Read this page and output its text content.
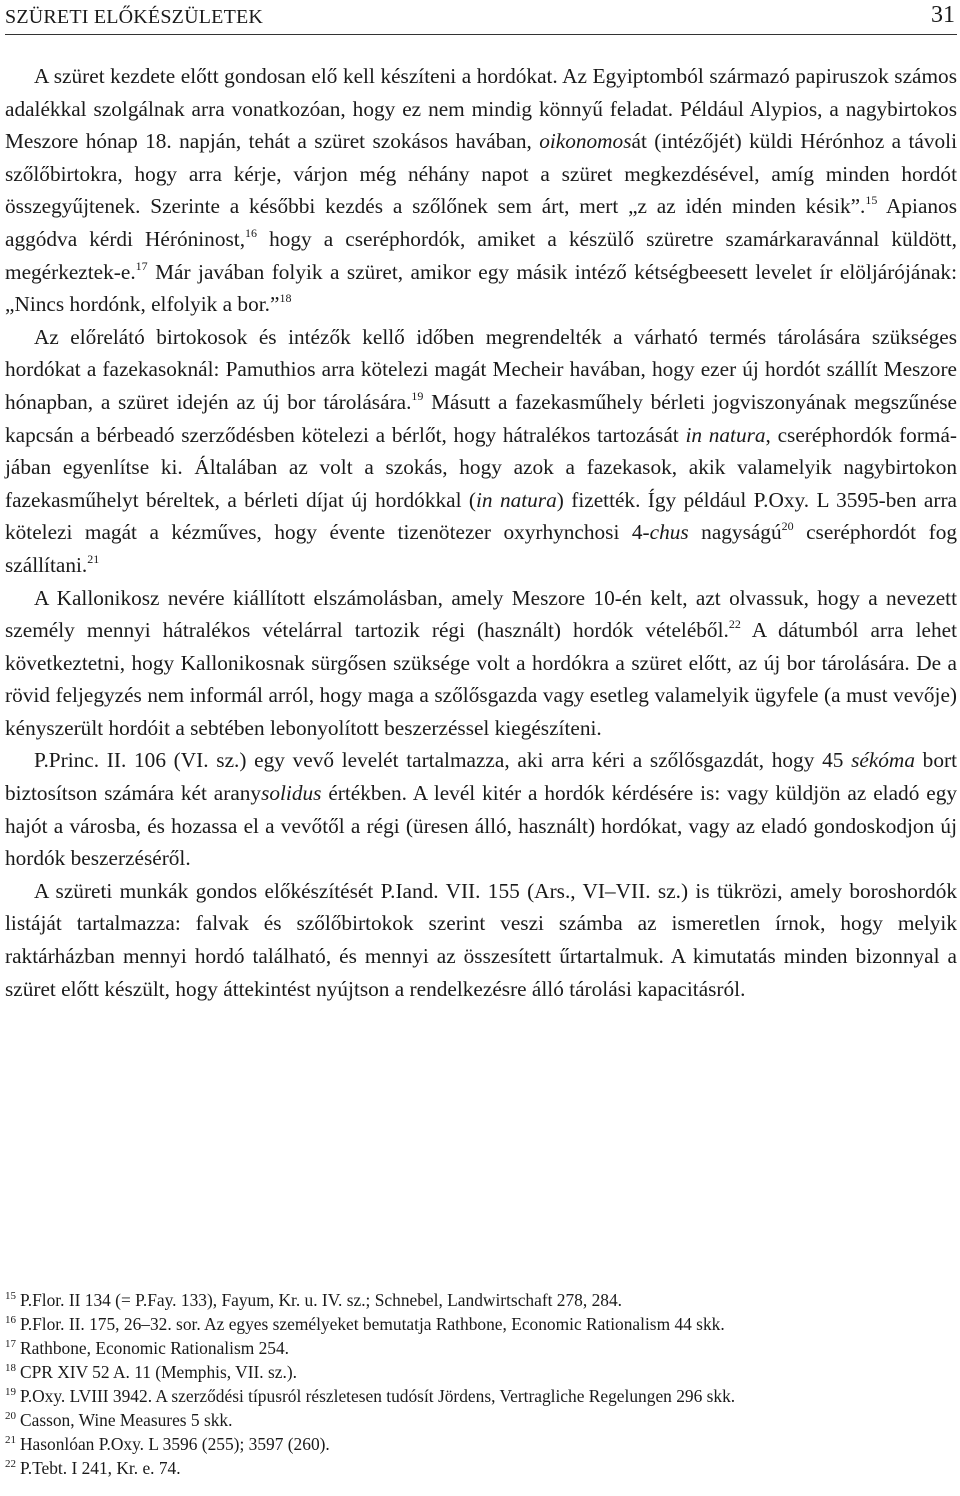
SZÜRETI ELŐKÉSZÜLETEK	31

A szüret kezdete előtt gondosan elő kell készíteni a hordókat. Az Egyiptomból származó papiruszok számos adalékkal szolgálnak arra vonatkozóan, hogy ez nem mindig könnyű feladat. Például Alypios, a nagybirtokos Meszore hónap 18. napján, tehát a szüret szokásos havában, oikonomosát (intézőjét) küldi Hérónhoz a távoli szőlőbirtokra, hogy arra kérje, várjon még néhány napot a szüret megkezdésével, amíg minden hordót összegyűjtenek. Szerinte a későbbi kezdés a szőlőnek sem árt, mert „z az idén minden késik”.$^{15}$ Apianos aggódva kérdi Héróninost,$^{16}$ hogy a cseréphordók, amiket a készülő szüretre szamárkaravánnal küldött, megérkeztek-e.$^{17}$ Már javában folyik a szüret, amikor egy másik intéző kétségbeesett levelet ír elöljárójának: „Nincs hordónk, elfolyik a bor.”$^{18}$

Az előrelátó birtokosok és intézők kellő időben megrendelték a várható termés tárolására szükséges hordókat a fazekasoknál: Pamuthios arra kötelezi magát Mecheir havában, hogy ezer új hordót szállít Meszore hónapban, a szüret idején az új bor tárolására.$^{19}$ Másutt a fazekasműhely bérleti jogviszonyának megszűnése kapcsán a bérbeadó szerződésben kötelezi a bérlőt, hogy hátralékos tartozását in natura, cseréphordók formájában egyenlítse ki. Általában az volt a szokás, hogy azok a fazekasok, akik valamelyik nagybirtokon fazekasműhelyt béreltek, a bérleti díjat új hordókkal (in natura) fizették. Így például P.Oxy. L 3595-ben arra kötelezi magát a kézműves, hogy évente tizenötezer oxyrhynchosi 4-chus nagyságú$^{20}$ cseréphordót fog szállítani.$^{21}$

A Kallonikosz nevére kiállított elszámolásban, amely Meszore 10-én kelt, azt olvassuk, hogy a nevezett személy mennyi hátralékos vételárral tartozik régi (használt) hordók vételéből.$^{22}$ A dátumból arra lehet következtetni, hogy Kallonikosnak sürgősen szüksége volt a hordókra a szüret előtt, az új bor tárolására. De a rövid feljegyzés nem informál arról, hogy maga a szőlősgazda vagy esetleg valamelyik ügyfele (a must vevője) kényszerült hordóit a sebtében lebonyolított beszerzéssel kiegészíteni.

P.Princ. II. 106 (VI. sz.) egy vevő levelét tartalmazza, aki arra kéri a szőlősgazdát, hogy 45 sékóma bort biztosítson számára két aranysolidus értékben. A levél kitér a hordók kérdésére is: vagy küldjön az eladó egy hajót a városba, és hozassa el a vevőtől a régi (üresen álló, használt) hordókat, vagy az eladó gondoskodjon új hordók beszerzéséről.

A szüreti munkák gondos előkészítését P.Iand. VII. 155 (Ars., VI–VII. sz.) is tükrözi, amely boroshordók listáját tartalmazza: falvak és szőlőbirtokok szerint veszi számba az ismeretlen írnok, hogy melyik raktárházban mennyi hordó található, és mennyi az összesített űrtartalmuk. A kimutatás minden bizonnyal a szüret előtt készült, hogy áttekintést nyújtson a rendelkezésre álló tárolási kapacitásról.

$^{15}$ P.Flor. II 134 (= P.Fay. 133), Fayum, Kr. u. IV. sz.; Schnebel, Landwirtschaft 278, 284.
$^{16}$ P.Flor. II. 175, 26–32. sor. Az egyes személyeket bemutatja Rathbone, Economic Rationalism 44 skk.
$^{17}$ Rathbone, Economic Rationalism 254.
$^{18}$ CPR XIV 52 A. 11 (Memphis, VII. sz.).
$^{19}$ P.Oxy. LVIII 3942. A szerződési típusról részletesen tudósít Jördens, Vertragliche Regelungen 296 skk.
$^{20}$ Casson, Wine Measures 5 skk.
$^{21}$ Hasonlóan P.Oxy. L 3596 (255); 3597 (260).
$^{22}$ P.Tebt. I 241, Kr. e. 74.
